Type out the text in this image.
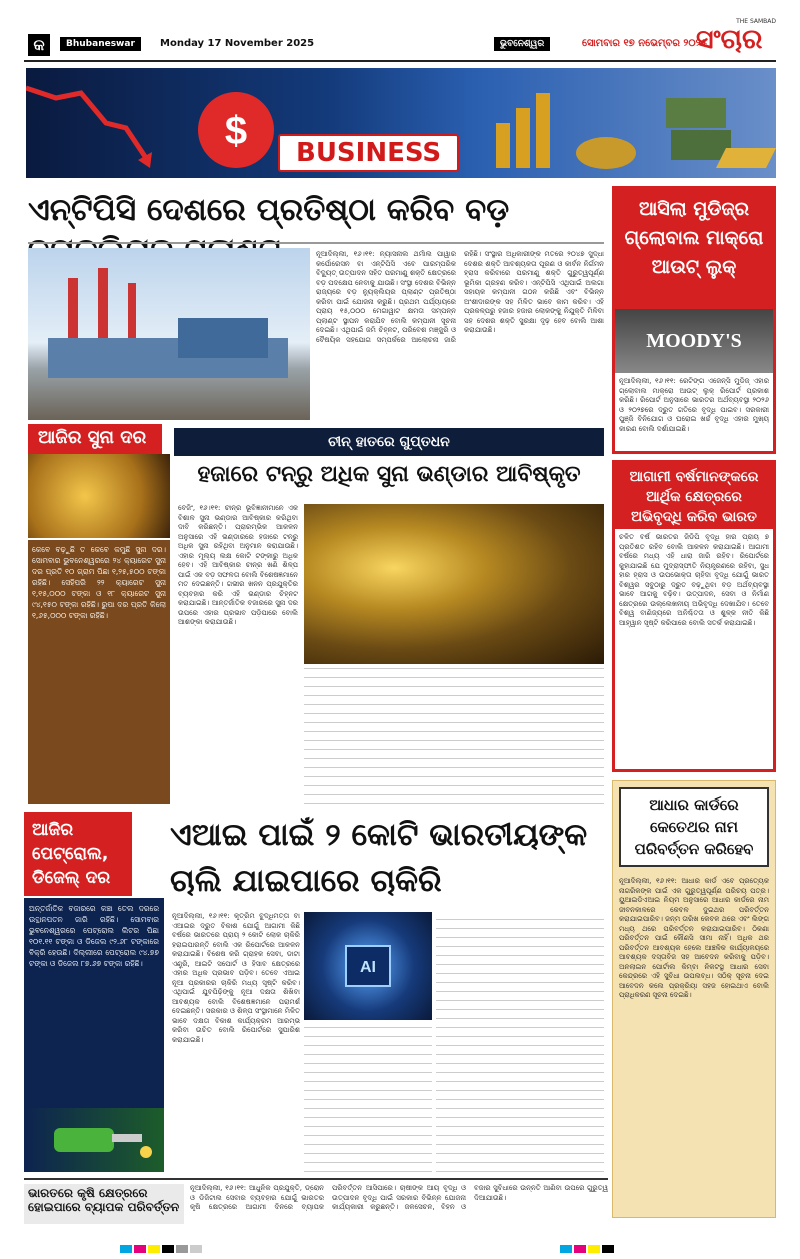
କ	Bhubaneswar	Monday 17 November 2025	ଭୁବନେଶ୍ୱର	ସୋମବାର ୧୭ ନଭେମ୍ବର ୨୦୨୫
THE SAMBAD
ସଂଚାର
$	BUSINESS
ଏନ୍‌ଟିପିସି ଦେଶରେ ପ୍ରତିଷ୍ଠା କରିବ ବଡ଼
ନୂଆଦିଲ୍ଲୀ, ୧୬।୧୧: ନ୍ୟାସନାଲ ଥର୍ମାଲ ପାୱାର କର୍ପୋରେସନ ବା ଏନ୍‌ଟିପିସି ଏବେ ପାରମ୍ପରିକ ବିଦ୍ୟୁତ୍ ଉତ୍ପାଦନ ସହିତ ପରମାଣୁ ଶକ୍ତି କ୍ଷେତ୍ରରେ ବଡ଼ ପଦକ୍ଷେପ ନେବାକୁ ଯାଉଛି। ସଂସ୍ଥା ଦେଶର ବିଭିନ୍ନ ରାଜ୍ୟରେ ବଡ଼ ନ୍ୟୁକ୍ଲିୟର ପ୍ଲାଣ୍ଟ ପ୍ରତିଷ୍ଠା କରିବା ପାଇଁ ଯୋଜନା କରୁଛି। ପ୍ରଥମ ପର୍ଯ୍ୟାୟରେ ପ୍ରାୟ ୧୫,୦୦୦ ମେଗାୱାଟ କ୍ଷମତା ସମ୍ପନ୍ନ ପ୍ଲାଣ୍ଟ ସ୍ଥାପନ କରାଯିବ ବୋଲି କମ୍ପାନୀ ସୂଚନା ଦେଇଛି। ଏଥିପାଇଁ ଜମି ଚିହ୍ନଟ, ପରିବେଶ ମଞ୍ଜୁରି ଓ ବୈଷୟିକ ସହଯୋଗ ସମ୍ପର୍କରେ ଆଲୋଚନା ଜାରି ରହିଛି। ସଂସ୍ଥାର ଅଧିକାରୀଙ୍କ ମତରେ ୨୦୪୭ ସୁଦ୍ଧା ଦେଶର ଶକ୍ତି ଆବଶ୍ୟକତା ପୂରଣ ଓ କାର୍ବନ ନିର୍ଗମନ ହ୍ରାସ କରିବାରେ ପରମାଣୁ ଶକ୍ତି ଗୁରୁତ୍ୱପୂର୍ଣ୍ଣ ଭୂମିକା ଗ୍ରହଣ କରିବ। ଏନ୍‌ଟିପିସି ଏଥିପାଇଁ ଅଲଗା ସହାୟକ କମ୍ପାନୀ ଗଠନ କରିଛି ଏବଂ ବିଭିନ୍ନ ଅଂଶୀଦାରଙ୍କ ସହ ମିଳିତ ଭାବେ କାମ କରିବ। ଏହି ପ୍ରକଳ୍ପରୁ ହଜାର ହଜାର ଲୋକଙ୍କୁ ନିଯୁକ୍ତି ମିଳିବା ସହ ଦେଶର ଶକ୍ତି ସୁରକ୍ଷା ଦୃଢ଼ ହେବ ବୋଲି ଆଶା କରାଯାଉଛି।
ଆସିଲା ମୁଡିଜ୍‌ର ଗ୍ଲୋବାଲ ମାକ୍ରୋ ଆଉଟ୍ ଲୁକ୍
MOODY'S
ନୂଆଦିଲ୍ଲୀ, ୧୬।୧୧: ରେଟିଙ୍ଗ ଏଜେନ୍ସି ମୁଡିଜ୍ ଏହାର ଗ୍ଲୋବାଲ ମାକ୍ରୋ ଆଉଟ୍ ଲୁକ୍ ରିପୋର୍ଟ ପ୍ରକାଶ କରିଛି। ରିପୋର୍ଟ ଅନୁସାରେ ଭାରତର ଅର୍ଥବ୍ୟବସ୍ଥା ୨୦୨୬ ଓ ୨୦୨୭ରେ ଦ୍ରୁତ ଗତିରେ ବୃଦ୍ଧି ପାଇବ। ସରକାରୀ ପୁଞ୍ଜି ବିନିଯୋଗ ଓ ଘରୋଇ ଖର୍ଚ୍ଚ ବୃଦ୍ଧି ଏହାର ମୁଖ୍ୟ କାରଣ ବୋଲି ଦର୍ଶାଯାଇଛି।
ଆଗାମୀ ବର୍ଷମାନଙ୍କରେ ଆର୍ଥିକ କ୍ଷେତ୍ରରେ ଅଭିବୃଦ୍ଧି କରିବ ଭାରତ
ଚଳିତ ବର୍ଷ ଭାରତର ଜିଡିପି ବୃଦ୍ଧି ହାର ପ୍ରାୟ ୭ ପ୍ରତିଶତ ରହିବ ବୋଲି ଆକଳନ କରାଯାଇଛି। ଆଗାମୀ ବର୍ଷରେ ମଧ୍ୟ ଏହି ଧାରା ଜାରି ରହିବ। ରିପୋର୍ଟରେ କୁହାଯାଇଛି ଯେ ମୁଦ୍ରାସ୍ଫୀତି ନିୟନ୍ତ୍ରଣରେ ରହିବା, ସୁଧ ହାର ହ୍ରାସ ଓ ଉପଭୋକ୍ତା ଚାହିଦା ବୃଦ୍ଧି ଯୋଗୁଁ ଭାରତ ବିଶ୍ୱର ସବୁଠାରୁ ଦ୍ରୁତ ବଢ଼ୁଥିବା ବଡ଼ ଅର୍ଥବ୍ୟବସ୍ଥା ଭାବେ ଆଗକୁ ବଢ଼ିବ। ଉତ୍ପାଦନ, ସେବା ଓ ନିର୍ମାଣ କ୍ଷେତ୍ରରେ ଉଲ୍ଲେଖନୀୟ ଅଭିବୃଦ୍ଧି ଦେଖାଯିବ। ତେବେ ବିଶ୍ୱ ବାଣିଜ୍ୟରେ ଅନିଶ୍ଚିତତା ଓ ଶୁଳ୍କ ନୀତି କିଛି ଆହ୍ୱାନ ସୃଷ୍ଟି କରିପାରେ ବୋଲି ସତର୍କ କରାଯାଇଛି।
ଆଜିର ସୁନା ଦର
କେବେ ବଢ଼ୁଛି ତ କେବେ କମୁଛି ସୁନା ଦର। ସୋମବାର ଭୁବନେଶ୍ୱରରେ ୨୪ କ୍ୟାରେଟ ସୁନା ଦର ପ୍ରତି ୧୦ ଗ୍ରାମ ପିଛା ୧,୨୫,୫୦୦ ଟଙ୍କା ରହିଛି। ସେହିପରି ୨୨ କ୍ୟାରେଟ ସୁନା ୧,୧୫,୦୦୦ ଟଙ୍କା ଓ ୧୮ କ୍ୟାରେଟ ସୁନା ୯୪,୧୫୦ ଟଙ୍କା ରହିଛି। ରୁପା ଦର ପ୍ରତି କିଲୋ ୧,୬୫,୦୦୦ ଟଙ୍କା ରହିଛି।
ଚୀନ୍ ହାତରେ ଗୁପ୍ତଧନ
ହଜାରେ ଟନ୍‌ରୁ ଅଧିକ ସୁନା ଭଣ୍ଡାର ଆବିଷ୍କୃତ
ବେଜିଂ, ୧୬।୧୧: ଚୀନ୍‌ର ଭୂବିଜ୍ଞାନୀମାନେ ଏକ ବିଶାଳ ସୁନା ଭଣ୍ଡାର ଆବିଷ୍କାର କରିଥିବା ଦାବି କରିଛନ୍ତି। ପ୍ରାରମ୍ଭିକ ଆକଳନ ଅନୁସାରେ ଏହି ଭଣ୍ଡାରରେ ହଜାରେ ଟନ୍‌ରୁ ଅଧିକ ସୁନା ରହିଥିବା ଅନୁମାନ କରାଯାଉଛି। ଏହାର ମୂଲ୍ୟ ଲକ୍ଷ କୋଟି ଟଙ୍କାରୁ ଅଧିକ ହେବ। ଏହି ଆବିଷ୍କାର ଚୀନ୍‌ର ଖଣି ଶିଳ୍ପ ପାଇଁ ଏକ ବଡ଼ ସଫଳତା ବୋଲି ବିଶେଷଜ୍ଞମାନେ ମତ ଦେଇଛନ୍ତି। ଗଭୀର ଖନନ ପ୍ରଯୁକ୍ତିର ବ୍ୟବହାର କରି ଏହି ଭଣ୍ଡାର ଚିହ୍ନଟ କରାଯାଇଛି। ଆନ୍ତର୍ଜାତିକ ବଜାରରେ ସୁନା ଦର ଉପରେ ଏହାର ପ୍ରଭାବ ପଡ଼ିପାରେ ବୋଲି ଆଶଙ୍କା କରାଯାଉଛି।
ଆଜିର ପେଟ୍ରୋଲ, ଡିଜେଲ୍ ଦର
ଅନ୍ତର୍ଜାତିକ ବଜାରରେ କଞ୍ଚା ତେଲ ଦରରେ ଉତ୍ଥାନପତନ ଜାରି ରହିଛି। ସୋମବାର ଭୁବନେଶ୍ୱରରେ ପେଟ୍ରୋଲ ଲିଟର ପିଛା ୧୦୧.୧୧ ଟଙ୍କା ଓ ଡିଜେଲ ୯୨.୬୮ ଟଙ୍କାରେ ବିକ୍ରି ହେଉଛି। ଦିଲ୍ଲୀରେ ପେଟ୍ରୋଲ ୯୪.୭୭ ଟଙ୍କା ଓ ଡିଜେଲ ୮୭.୬୭ ଟଙ୍କା ରହିଛି।
ଏଆଇ ପାଇଁ ୨ କୋଟି ଭାରତୀୟଙ୍କ ଚାଲି ଯାଇପାରେ ଚାକିରି
ନୂଆଦିଲ୍ଲୀ, ୧୬।୧୧: କୃତ୍ରିମ ବୁଦ୍ଧିମତ୍ତା ବା ଏଆଇର ଦ୍ରୁତ ବିକାଶ ଯୋଗୁଁ ଆଗାମୀ କିଛି ବର୍ଷରେ ଭାରତରେ ପ୍ରାୟ ୨ କୋଟି ଲୋକ ଚାକିରି ହରାଇପାରନ୍ତି ବୋଲି ଏକ ରିପୋର୍ଟରେ ଆକଳନ କରାଯାଇଛି। ବିଶେଷ କରି ଗ୍ରାହକ ସେବା, ଡାଟା ଏଣ୍ଟ୍ରି, ଆଇଟି ସପୋର୍ଟ ଓ ହିସାବ କ୍ଷେତ୍ରରେ ଏହାର ଅଧିକ ପ୍ରଭାବ ପଡ଼ିବ। ତେବେ ଏଆଇ ନୂଆ ପ୍ରକାରର ଚାକିରି ମଧ୍ୟ ସୃଷ୍ଟି କରିବ। ଏଥିପାଇଁ ଯୁବପିଢ଼ିଙ୍କୁ ନୂଆ ଦକ୍ଷତା ଶିଖିବା ଆବଶ୍ୟକ ବୋଲି ବିଶେଷଜ୍ଞମାନେ ପରାମର୍ଶ ଦେଇଛନ୍ତି। ସରକାର ଓ ଶିଳ୍ପ ସଂସ୍ଥାମାନେ ମିଳିତ ଭାବେ ଦକ୍ଷତା ବିକାଶ କାର୍ଯ୍ୟକ୍ରମ ଆରମ୍ଭ କରିବା ଉଚିତ ବୋଲି ରିପୋର୍ଟରେ ସୁପାରିଶ କରାଯାଇଛି।
AI
ଆଧାର କାର୍ଡରେ କେତେଥର ନାମ ପରିବର୍ତ୍ତନ କରିହେବ
ନୂଆଦିଲ୍ଲୀ, ୧୬।୧୧: ଆଧାର କାର୍ଡ ଏବେ ପ୍ରତ୍ୟେକ ନାଗରିକଙ୍କ ପାଇଁ ଏକ ଗୁରୁତ୍ୱପୂର୍ଣ୍ଣ ପରିଚୟ ପତ୍ର। ୟୁଆଇଡିଏଆଇ ନିୟମ ଅନୁସାରେ ଆଧାର କାର୍ଡରେ ନାମ ଜୀବନକାଳରେ କେବଳ ଦୁଇଥର ପରିବର୍ତ୍ତନ କରାଯାଇପାରିବ। ଜନ୍ମ ତାରିଖ କେବଳ ଥରେ ଏବଂ ଲିଙ୍ଗ ମଧ୍ୟ ଥରେ ପରିବର୍ତ୍ତନ କରାଯାଇପାରିବ। ଠିକଣା ପରିବର୍ତ୍ତନ ପାଇଁ କୌଣସି ସୀମା ନାହିଁ। ଅଧିକ ଥର ପରିବର୍ତ୍ତନ ଆବଶ୍ୟକ ହେଲେ ଆଞ୍ଚଳିକ କାର୍ଯ୍ୟାଳୟରେ ଆବଶ୍ୟକ ଦସ୍ତାବିଜ ସହ ଆବେଦନ କରିବାକୁ ପଡ଼ିବ। ଅନଲାଇନ ପୋର୍ଟାଲ କିମ୍ବା ନିକଟସ୍ଥ ଆଧାର ସେବା କେନ୍ଦ୍ରରେ ଏହି ସୁବିଧା ଉପଲବ୍ଧ। ସଠିକ୍ ସୂଚନା ଦେଇ ଆବେଦନ କଲେ ପ୍ରକ୍ରିୟା ସହଜ ହୋଇଥାଏ ବୋଲି ପ୍ରାଧିକରଣ ସୂଚନା ଦେଇଛି।
ଭାରତରେ କୃଷି କ୍ଷେତ୍ରରେ ହୋଇପାରେ ବ୍ୟାପକ ପରିବର୍ତ୍ତନ
ନୂଆଦିଲ୍ଲୀ, ୧୬।୧୧: ଆଧୁନିକ ପ୍ରଯୁକ୍ତି, ଡ୍ରୋନ ଓ ଡିଜିଟାଲ ସେବାର ବ୍ୟବହାର ଯୋଗୁଁ ଭାରତର କୃଷି କ୍ଷେତ୍ରରେ ଆଗାମୀ ଦିନରେ ବ୍ୟାପକ ପରିବର୍ତ୍ତନ ଆସିପାରେ। ଚାଷୀଙ୍କ ଆୟ ବୃଦ୍ଧି ଓ ଉତ୍ପାଦନ ବୃଦ୍ଧି ପାଇଁ ସରକାର ବିଭିନ୍ନ ଯୋଜନା କାର୍ଯ୍ୟକାରୀ କରୁଛନ୍ତି। ଜଳସେଚନ, ବିହନ ଓ ବଜାର ସୁବିଧାରେ ଉନ୍ନତି ଆଣିବା ଉପରେ ଗୁରୁତ୍ୱ ଦିଆଯାଉଛି।
